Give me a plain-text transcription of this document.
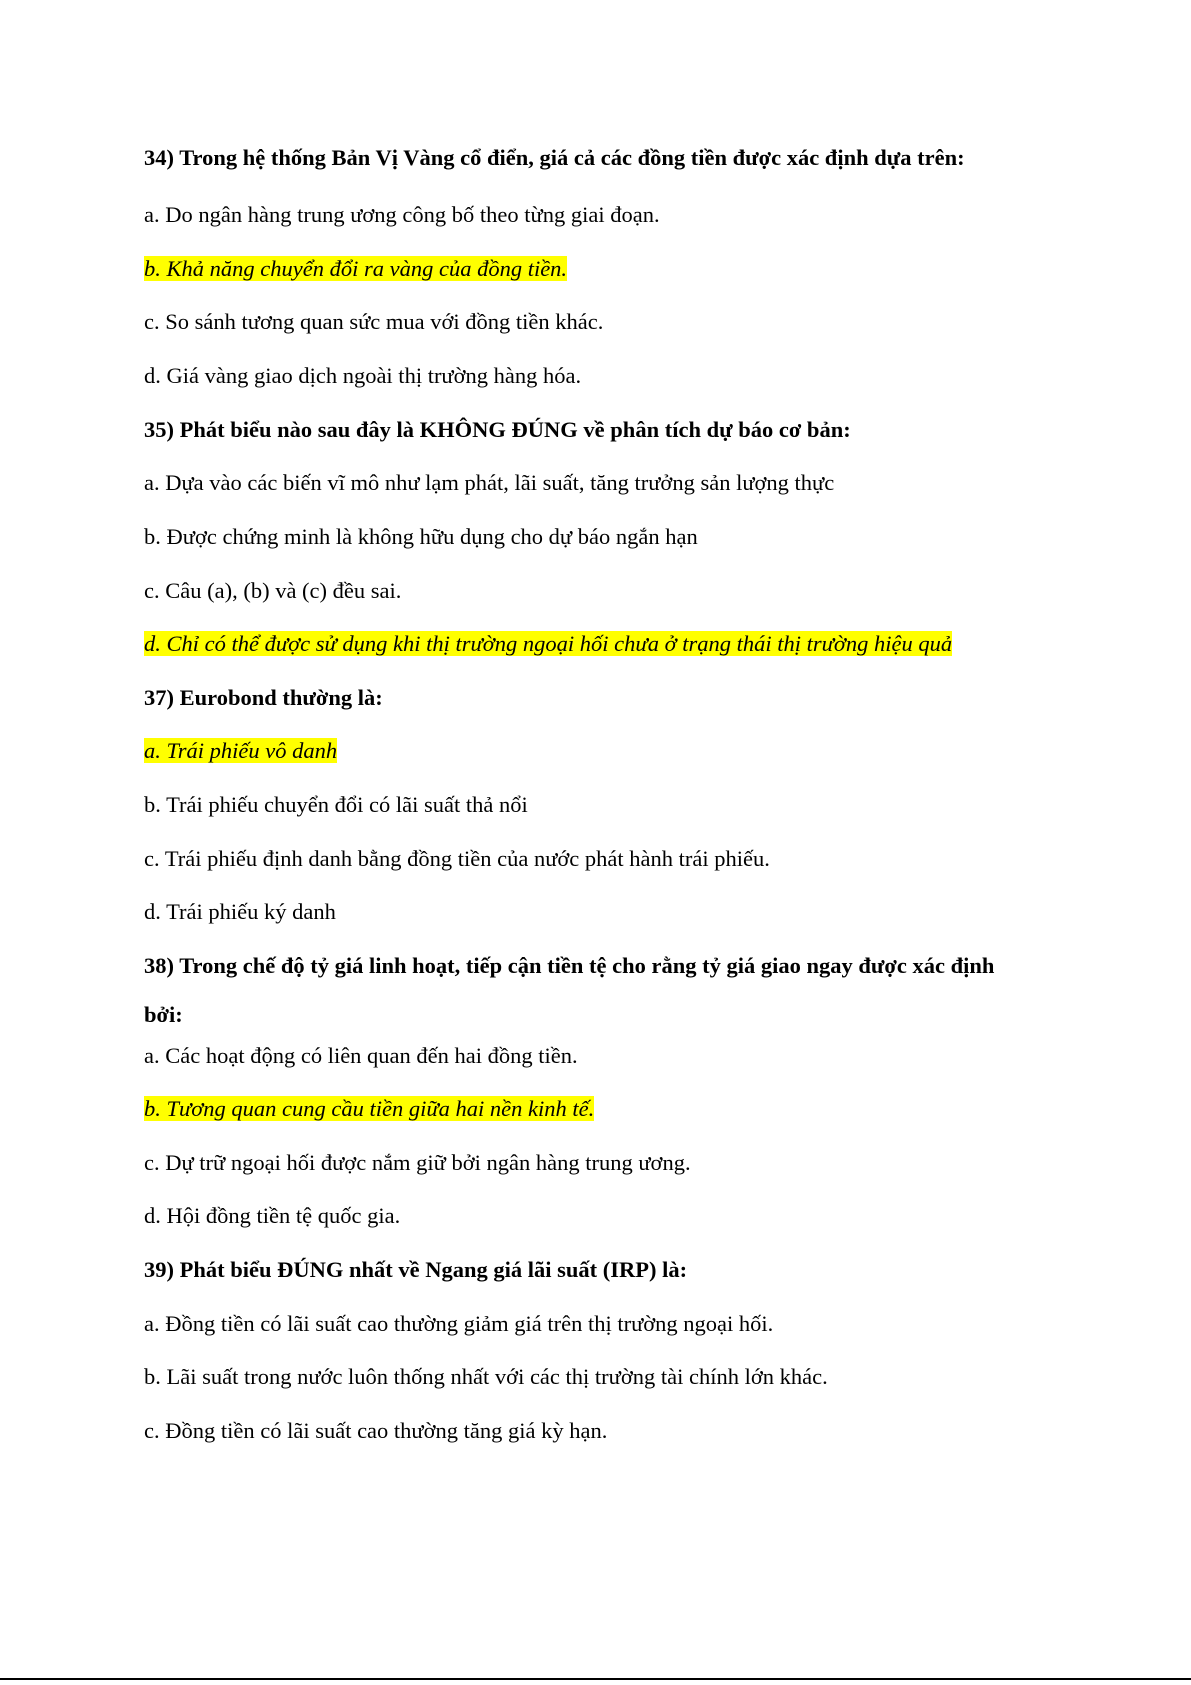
34) Trong hệ thống Bản Vị Vàng cổ điển, giá cả các đồng tiền được xác định dựa trên:
a. Do ngân hàng trung ương công bố theo từng giai đoạn.
b. Khả năng chuyển đổi ra vàng của đồng tiền.
c. So sánh tương quan sức mua với đồng tiền khác.
d. Giá vàng giao dịch ngoài thị trường hàng hóa.
35) Phát biểu nào sau đây là KHÔNG ĐÚNG về phân tích dự báo cơ bản:
a. Dựa vào các biến vĩ mô như lạm phát, lãi suất, tăng trưởng sản lượng thực
b. Được chứng minh là không hữu dụng cho dự báo ngắn hạn
c. Câu (a), (b) và (c) đều sai.
d. Chỉ có thể được sử dụng khi thị trường ngoại hối chưa ở trạng thái thị trường hiệu quả
37) Eurobond thường là:
a. Trái phiếu vô danh
b. Trái phiếu chuyển đổi có lãi suất thả nổi
c. Trái phiếu định danh bằng đồng tiền của nước phát hành trái phiếu.
d. Trái phiếu ký danh
38) Trong chế độ tỷ giá linh hoạt, tiếp cận tiền tệ cho rằng tỷ giá giao ngay được xác định
bởi:
a. Các hoạt động có liên quan đến hai đồng tiền.
b. Tương quan cung cầu tiền giữa hai nền kinh tế.
c. Dự trữ ngoại hối được nắm giữ bởi ngân hàng trung ương.
d. Hội đồng tiền tệ quốc gia.
39) Phát biểu ĐÚNG nhất về Ngang giá lãi suất (IRP) là:
a. Đồng tiền có lãi suất cao thường giảm giá trên thị trường ngoại hối.
b. Lãi suất trong nước luôn thống nhất với các thị trường tài chính lớn khác.
c. Đồng tiền có lãi suất cao thường tăng giá kỳ hạn.
